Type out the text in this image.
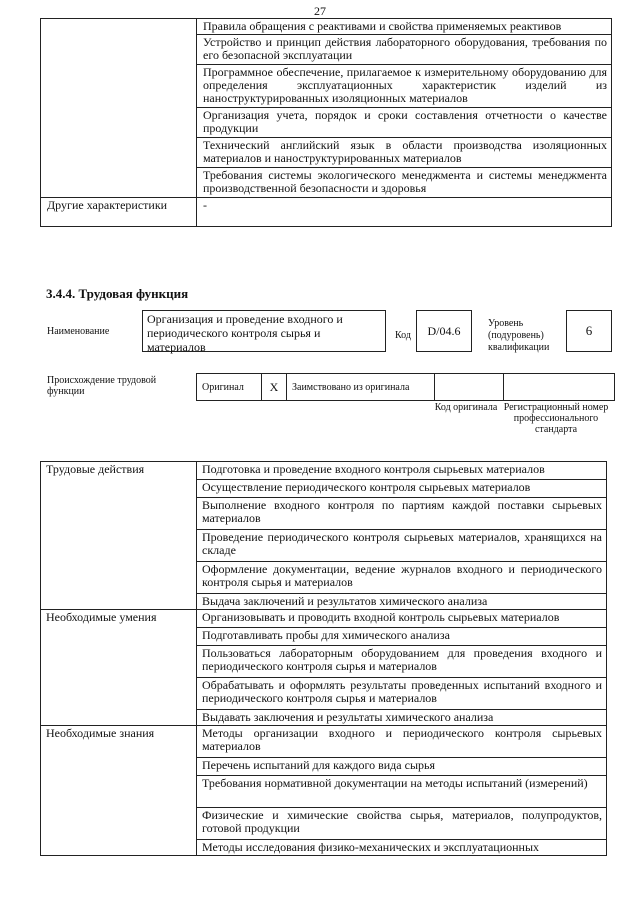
27
	Правила обращения с реактивами и свойства применяемых реактивов
	Устройство и принцип действия лабораторного оборудования, требования по его безопасной эксплуатации
	Программное обеспечение, прилагаемое к измерительному оборудованию для определения эксплуатационных характеристик изделий из наноструктурированных изоляционных материалов
	Организация учета, порядок и сроки составления отчетности о качестве продукции
	Технический английский язык в области производства изоляционных материалов и наноструктурированных материалов
	Требования системы экологического менеджмента и системы менеджмента производственной безопасности и здоровья
Другие характеристики	-
3.4.4. Трудовая функция
Наименование
Организация и проведение входного и периодического контроля сырья и материалов
Код	D/04.6
Уровень (подуровень) квалификации
6
Происхождение трудовой функции	Оригинал	X	Заимствовано из оригинала		
Код оригинала Регистрационный номер профессионального стандарта
Трудовые действия	Подготовка и проведение входного контроля сырьевых материалов
	Осуществление периодического контроля сырьевых материалов
	Выполнение входного контроля по партиям каждой поставки сырьевых материалов
	Проведение периодического контроля сырьевых материалов, хранящихся на складе
	Оформление документации, ведение журналов входного и периодического контроля сырья и материалов
	Выдача заключений и результатов химического анализа
Необходимые умения	Организовывать и проводить входной контроль сырьевых материалов
	Подготавливать пробы для химического анализа
	Пользоваться лабораторным оборудованием для проведения входного и периодического контроля сырья и материалов
	Обрабатывать и оформлять результаты проведенных испытаний входного и периодического контроля сырья и материалов
	Выдавать заключения и результаты химического анализа
Необходимые знания	Методы организации входного и периодического контроля сырьевых материалов
	Перечень испытаний для каждого вида сырья
	Требования нормативной документации на методы испытаний (измерений)
	Физические и химические свойства сырья, материалов, полупродуктов, готовой продукции
	Методы исследования физико-механических и эксплуатационных
